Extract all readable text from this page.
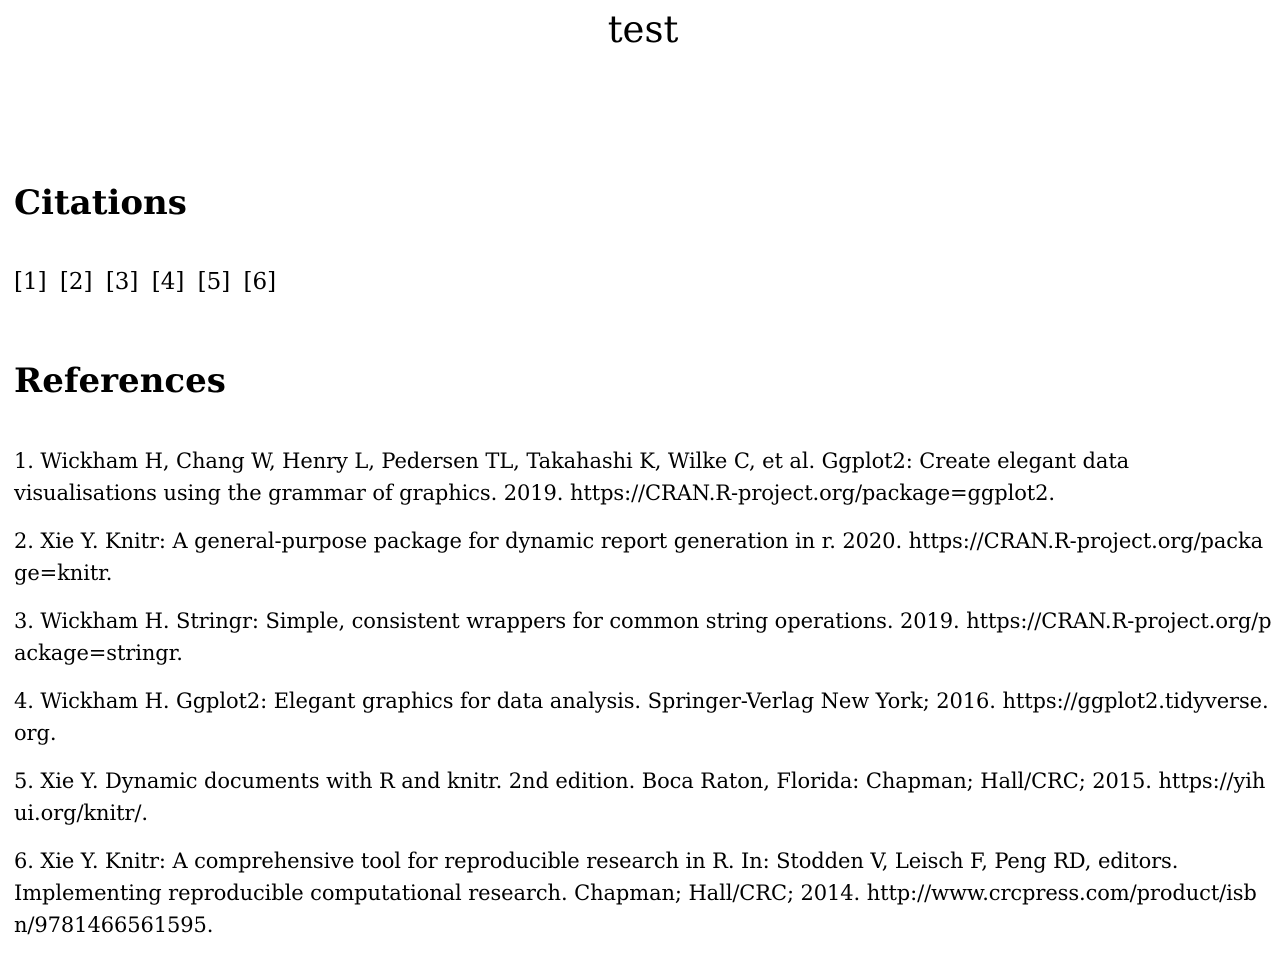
test
Citations
[1] [2] [3] [4] [5] [6]
References

1. Wickham H, Chang W, Henry L, Pedersen TL, Takahashi K, Wilke C, et al. Ggplot2: Create elegant data visualisations using the grammar of graphics. 2019. https://CRAN.R-project.org/package=ggplot2.

2. Xie Y. Knitr: A general-purpose package for dynamic report generation in r. 2020. https://CRAN.R-project.org/package=knitr.

3. Wickham H. Stringr: Simple, consistent wrappers for common string operations. 2019. https://CRAN.R-project.org/package=stringr.

4. Wickham H. Ggplot2: Elegant graphics for data analysis. Springer-Verlag New York; 2016. https://ggplot2.tidyverse.org.

5. Xie Y. Dynamic documents with R and knitr. 2nd edition. Boca Raton, Florida: Chapman; Hall/CRC; 2015. https://yihui.org/knitr/.

6. Xie Y. Knitr: A comprehensive tool for reproducible research in R. In: Stodden V, Leisch F, Peng RD, editors. Implementing reproducible computational research. Chapman; Hall/CRC; 2014. http://www.crcpress.com/product/isbn/9781466561595.
